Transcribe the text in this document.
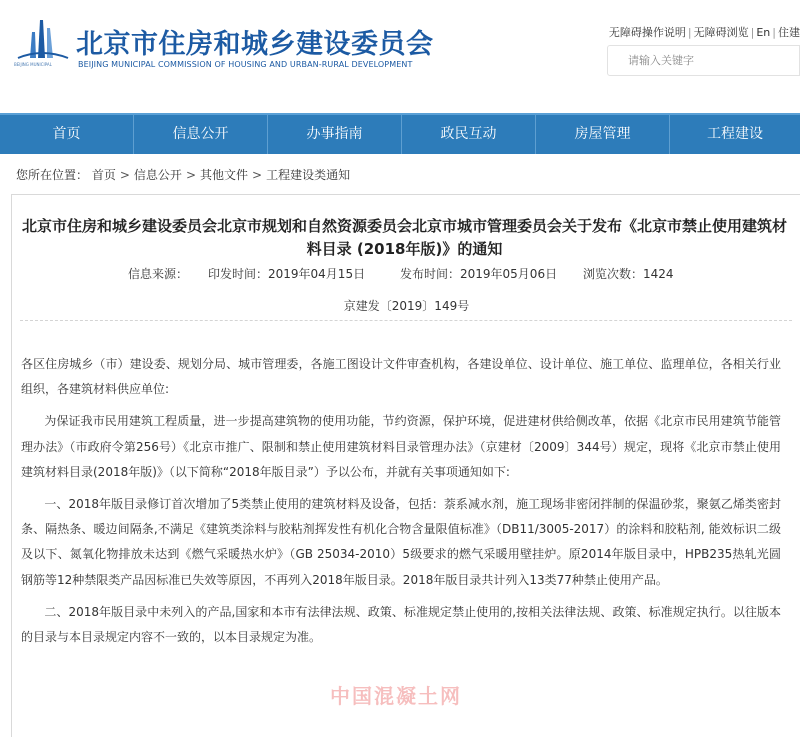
BEIJING MUNICIPAL
北京市住房和城乡建设委员会
BEIJING MUNICIPAL COMMISSION OF HOUSING AND URBAN-RURAL DEVELOPMENT
无障碍操作说明 | 无障碍浏览 | En | 住建
请输入关键字
首页	信息公开	办事指南	政民互动	房屋管理	工程建设
您所在位置： 首页 > 信息公开 > 其他文件 > 工程建设类通知
北京市住房和城乡建设委员会北京市规划和自然资源委员会北京市城市管理委员会关于发布《北京市禁止使用建筑材料目录 (2018年版)》的通知
信息来源： 印发时间：2019年04月15日	发布时间：2019年05月06日 浏览次数：1424
京建发〔2019〕149号

各区住房城乡（市）建设委、规划分局、城市管理委，各施工图设计文件审查机构，各建设单位、设计单位、施工单位、监理单位，各相关行业组织，各建筑材料供应单位:

为保证我市民用建筑工程质量，进一步提高建筑物的使用功能，节约资源，保护环境，促进建材供给侧改革，依据《北京市民用建筑节能管理办法》（市政府令第256号）《北京市推广、限制和禁止使用建筑材料目录管理办法》（京建材〔2009〕344号）规定，现将《北京市禁止使用建筑材料目录(2018年版)》（以下简称“2018年版目录”）予以公布，并就有关事项通知如下:

一、2018年版目录修订首次增加了5类禁止使用的建筑材料及设备，包括：萘系减水剂，施工现场非密闭拌制的保温砂浆，聚氨乙烯类密封条、隔热条、暖边间隔条,不满足《建筑类涂料与胶粘剂挥发性有机化合物含量限值标准》（DB11/3005-2017）的涂料和胶粘剂, 能效标识二级及以下、氮氧化物排放未达到《燃气采暖热水炉》（GB 25034-2010）5级要求的燃气采暖用壁挂炉。原2014年版目录中，HPB235热轧光圆钢筋等12种禁限类产品因标准已失效等原因，不再列入2018年版目录。2018年版目录共计列入13类77种禁止使用产品。

二、2018年版目录中未列入的产品,国家和本市有法律法规、政策、标准规定禁止使用的,按相关法律法规、政策、标准规定执行。以往版本的目录与本目录规定内容不一致的，以本目录规定为准。

中国混凝土网
